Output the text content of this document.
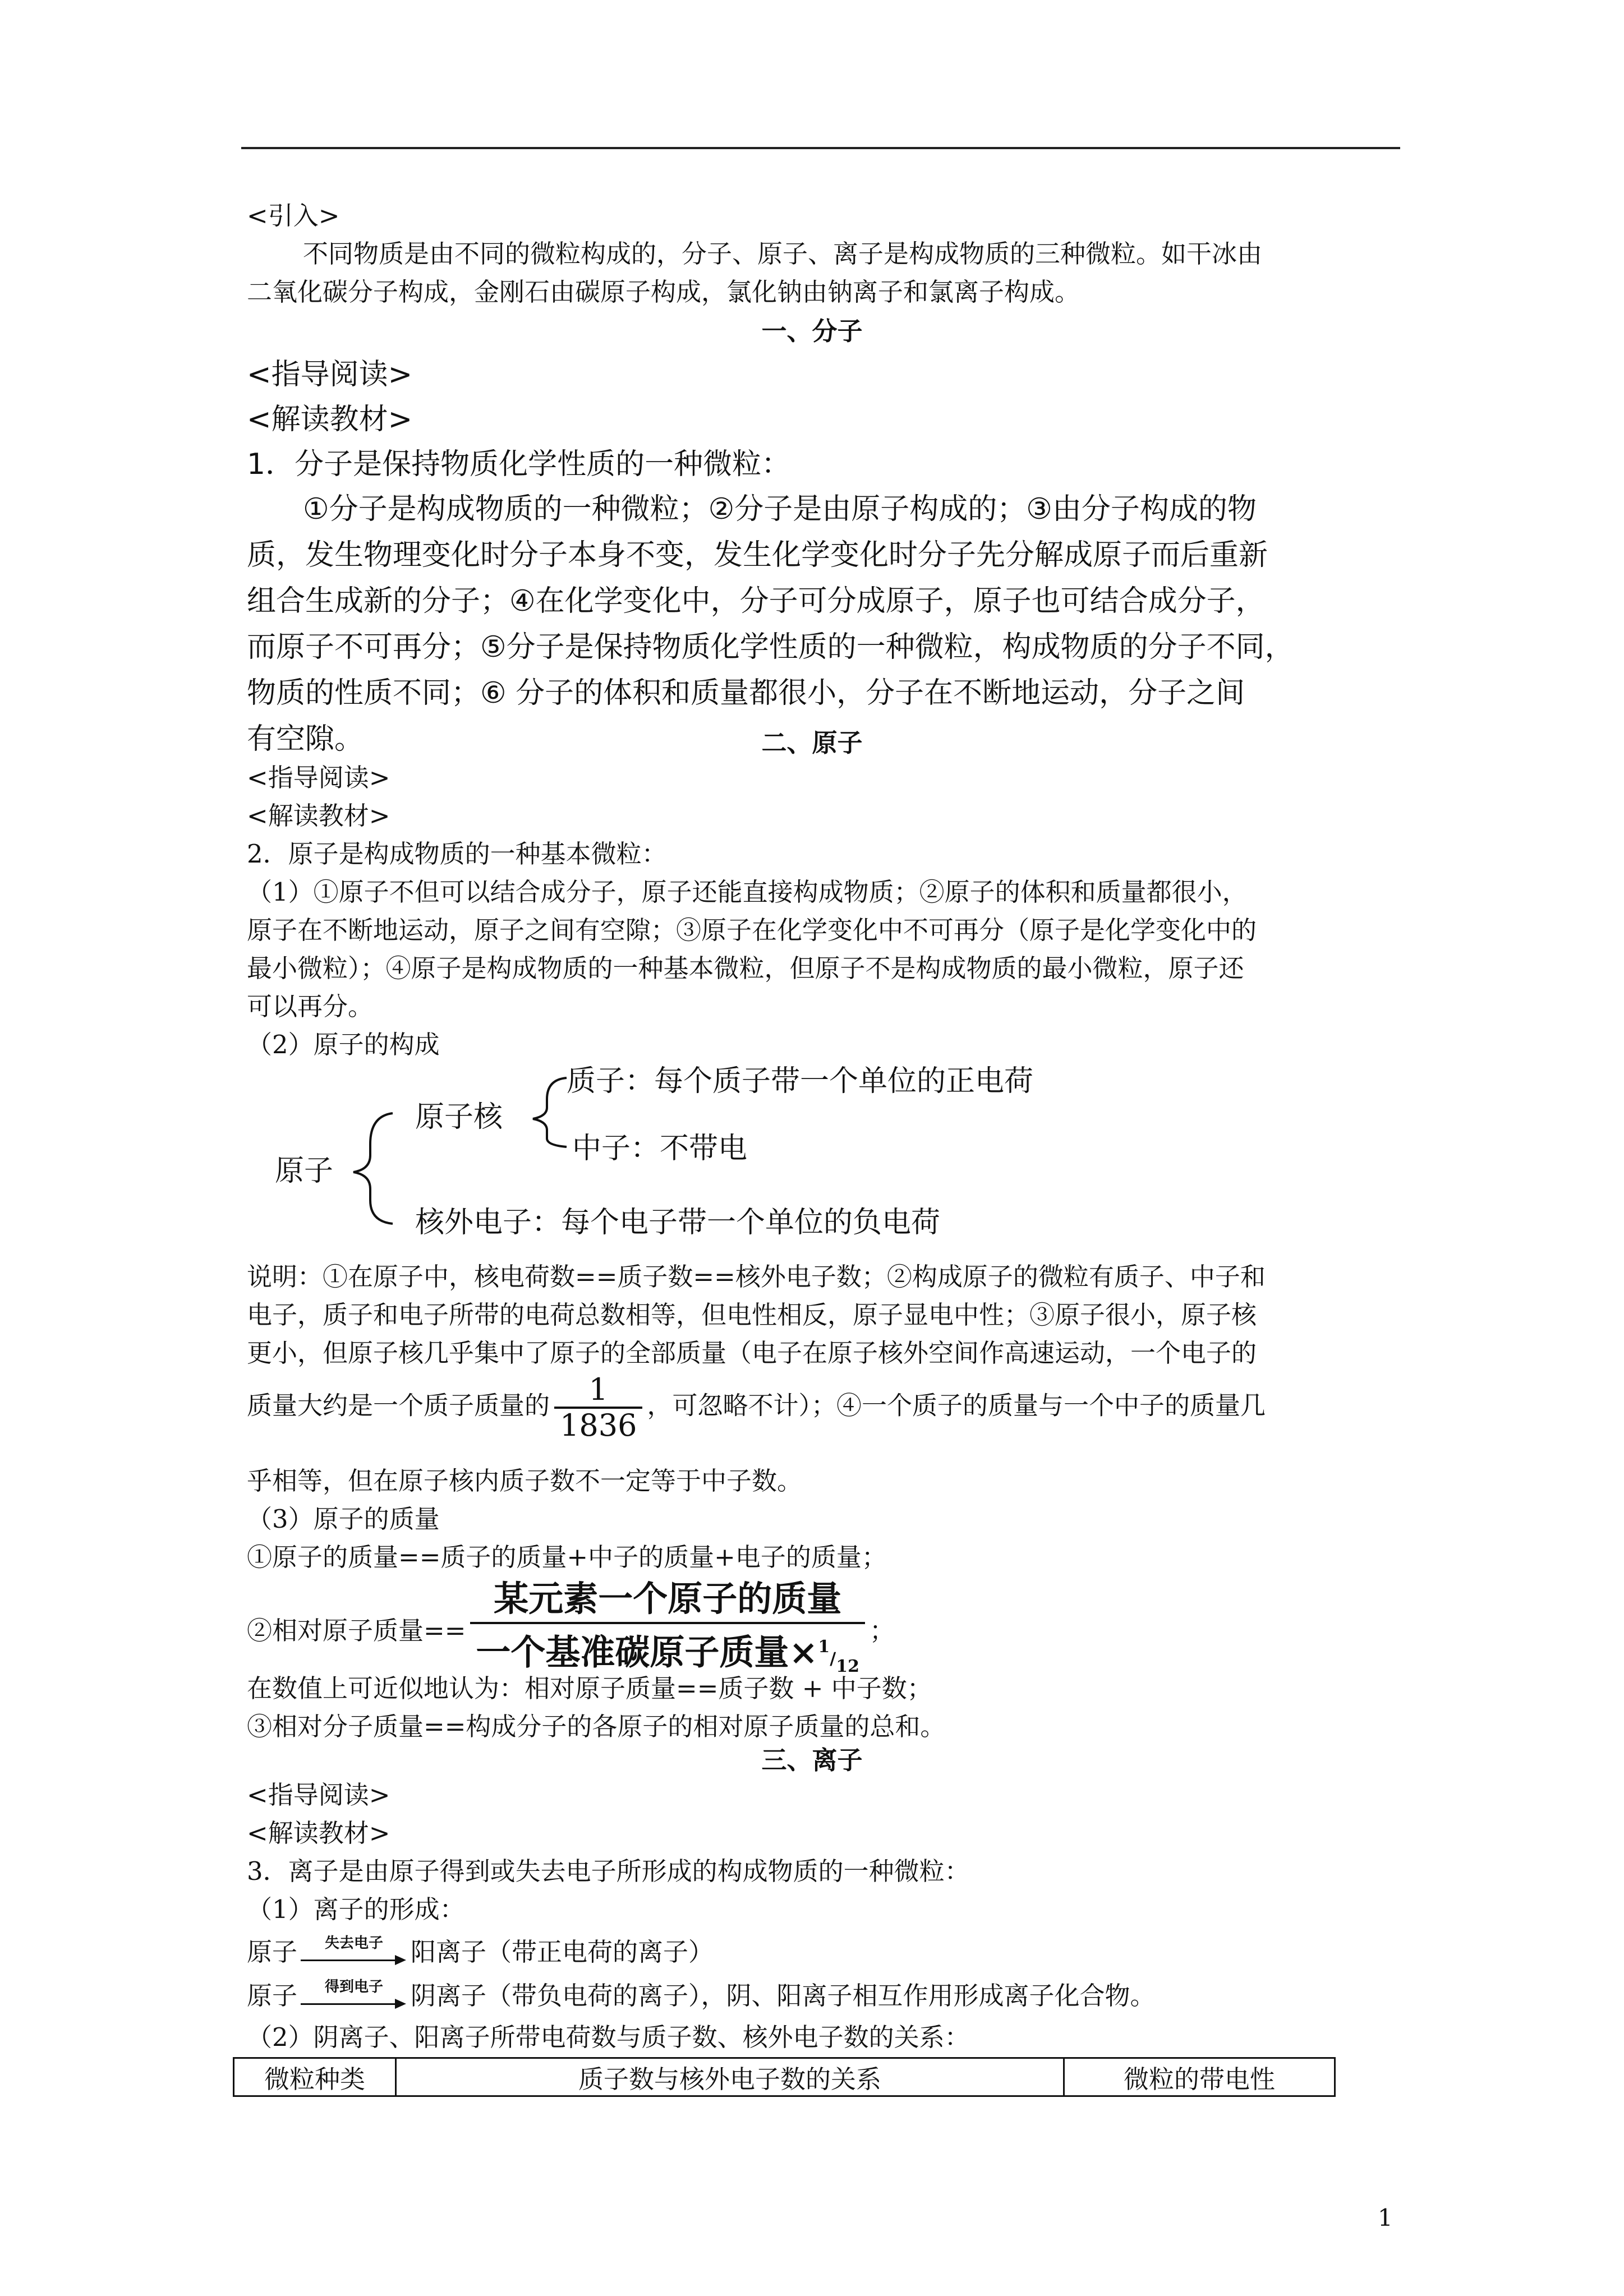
<引入>
不同物质是由不同的微粒构成的，分子、原子、离子是构成物质的三种微粒。如干冰由
二氧化碳分子构成，金刚石由碳原子构成，氯化钠由钠离子和氯离子构成。
一、分子
<指导阅读>
<解读教材>
1．分子是保持物质化学性质的一种微粒：
①分子是构成物质的一种微粒；②分子是由原子构成的；③由分子构成的物
质，发生物理变化时分子本身不变，发生化学变化时分子先分解成原子而后重新
组合生成新的分子；④在化学变化中，分子可分成原子，原子也可结合成分子，
而原子不可再分；⑤分子是保持物质化学性质的一种微粒，构成物质的分子不同，
物质的性质不同；⑥ 分子的体积和质量都很小，分子在不断地运动，分子之间
有空隙。	二、原子
<指导阅读>
<解读教材>
2．原子是构成物质的一种基本微粒：
（1）①原子不但可以结合成分子，原子还能直接构成物质；②原子的体积和质量都很小，
原子在不断地运动，原子之间有空隙；③原子在化学变化中不可再分（原子是化学变化中的
最小微粒）；④原子是构成物质的一种基本微粒，但原子不是构成物质的最小微粒，原子还
可以再分。
（2）原子的构成
原子
原子核
质子：每个质子带一个单位的正电荷
中子：不带电
核外电子：每个电子带一个单位的负电荷
说明：①在原子中，核电荷数==质子数==核外电子数；②构成原子的微粒有质子、中子和
电子，质子和电子所带的电荷总数相等，但电性相反，原子显电中性；③原子很小，原子核
更小，但原子核几乎集中了原子的全部质量（电子在原子核外空间作高速运动，一个电子的
质量大约是一个质子质量的 $\frac{1}{1836}$ ，可忽略不计）；④一个质子的质量与一个中子的质量几
乎相等，但在原子核内质子数不一定等于中子数。
（3）原子的质量
①原子的质量==质子的质量+中子的质量+电子的质量；
②相对原子质量== $\frac{\text{某元素一个原子的质量}}{一个基准碳原子质量\times^1/_{12}}$ ；
在数值上可近似地认为：相对原子质量==质子数 + 中子数；
③相对分子质量==构成分子的各原子的相对原子质量的总和。
三、离子
<指导阅读>
<解读教材>
3．离子是由原子得到或失去电子所形成的构成物质的一种微粒：
（1）离子的形成：
原子	失去电子	阳离子（带正电荷的离子）
原子	得到电子	阴离子（带负电荷的离子），阴、阳离子相互作用形成离子化合物。
（2）阴离子、阳离子所带电荷数与质子数、核外电子数的关系：
微粒种类	质子数与核外电子数的关系	微粒的带电性
1
